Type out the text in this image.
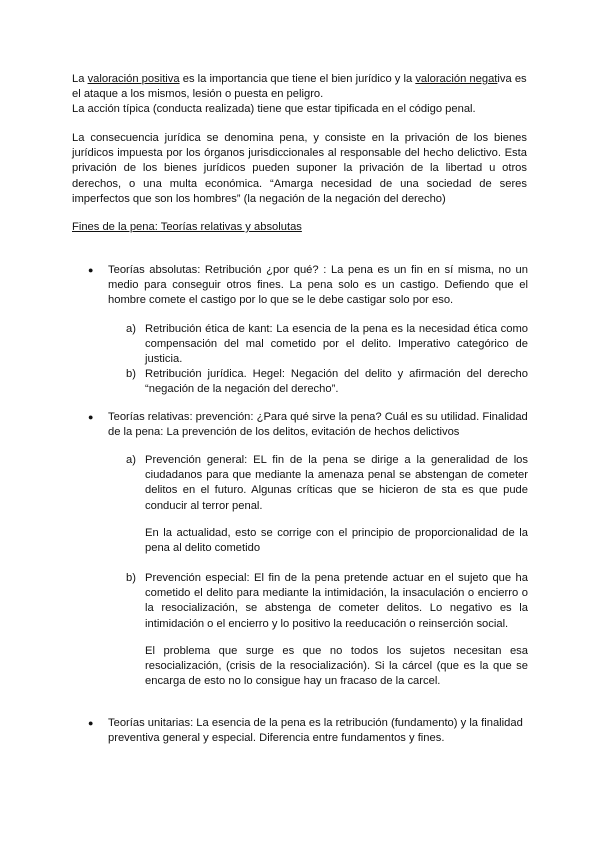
La valoración positiva es la importancia que tiene el bien jurídico y la valoración negativa es el ataque a los mismos, lesión o puesta en peligro.
La acción típica (conducta realizada) tiene que estar tipificada en el código penal.

La consecuencia jurídica se denomina pena, y consiste en la privación de los bienes jurídicos impuesta por los órganos jurisdiccionales al responsable del hecho delictivo. Esta privación de los bienes jurídicos pueden suponer la privación de la libertad u otros derechos, o una multa económica. “Amarga necesidad de una sociedad de seres imperfectos que son los hombres” (la negación de la negación del derecho)

Fines de la pena: Teorías relativas y absolutas

● Teorías absolutas: Retribución ¿por qué? : La pena es un fin en sí misma, no un medio para conseguir otros fines. La pena solo es un castigo. Defiendo que el hombre comete el castigo por lo que se le debe castigar solo por eso.

a) Retribución ética de kant: La esencia de la pena es la necesidad ética como compensación del mal cometido por el delito. Imperativo categórico de justicia.

b) Retribución jurídica. Hegel: Negación del delito y afirmación del derecho “negación de la negación del derecho”.

● Teorías relativas: prevención: ¿Para qué sirve la pena? Cuál es su utilidad. Finalidad de la pena: La prevención de los delitos, evitación de hechos delictivos

a) Prevención general: EL fin de la pena se dirige a la generalidad de los ciudadanos para que mediante la amenaza penal se abstengan de cometer delitos en el futuro. Algunas críticas que se hicieron de sta es que pude conducir al terror penal.

En la actualidad, esto se corrige con el principio de proporcionalidad de la pena al delito cometido

b) Prevención especial: El fin de la pena pretende actuar en el sujeto que ha cometido el delito para mediante la intimidación, la insaculación o encierro o la resocialización, se abstenga de cometer delitos. Lo negativo es la intimidación o el encierro y lo positivo la reeducación o reinserción social.

El problema que surge es que no todos los sujetos necesitan esa resocialización, (crisis de la resocialización). Si la cárcel (que es la que se encarga de esto no lo consigue hay un fracaso de la carcel.

● Teorías unitarias: La esencia de la pena es la retribución (fundamento) y la finalidad preventiva general y especial. Diferencia entre fundamentos y fines.
